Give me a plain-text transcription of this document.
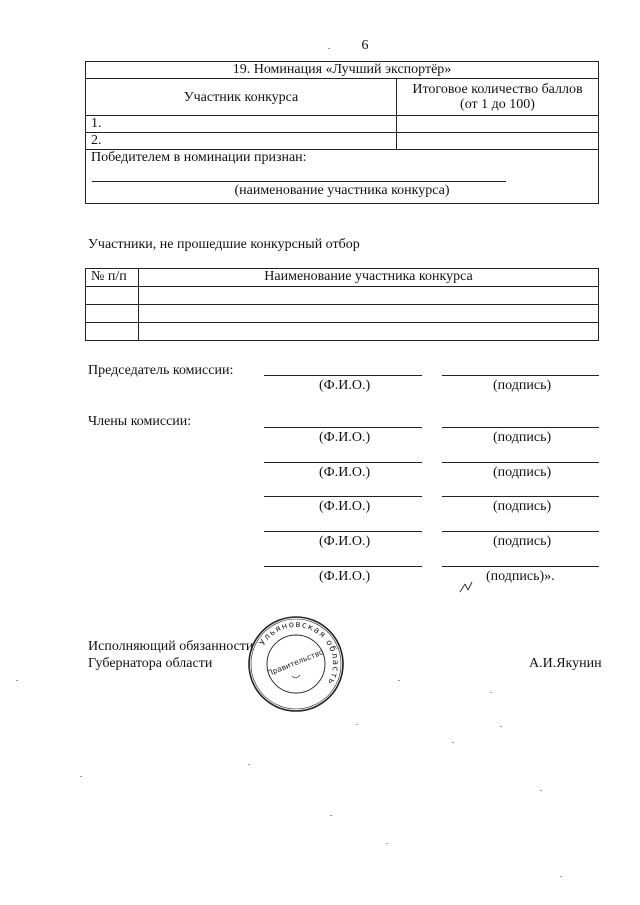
6
19. Номинация «Лучший экспортёр»	
Участник конкурса	Итоговое количество баллов
(от 1 до 100)

1.	
2.	

Победителем в номинации признан:
(наименование участника конкурса)	
Участники, не прошедшие конкурсный отбор
№ п/п	Наименование участника конкурса

Председатель комиссии:
(Ф.И.О.)	(подпись)
Члены комиссии:
(Ф.И.О.)	(подпись)
(Ф.И.О.)	(подпись)
(Ф.И.О.)	(подпись)
(Ф.И.О.)	(подпись)
(Ф.И.О.)	(подпись)».
Исполняющий обязанности
Губернатора области	А.И.Якунин
Ульяновская область
Правительство
